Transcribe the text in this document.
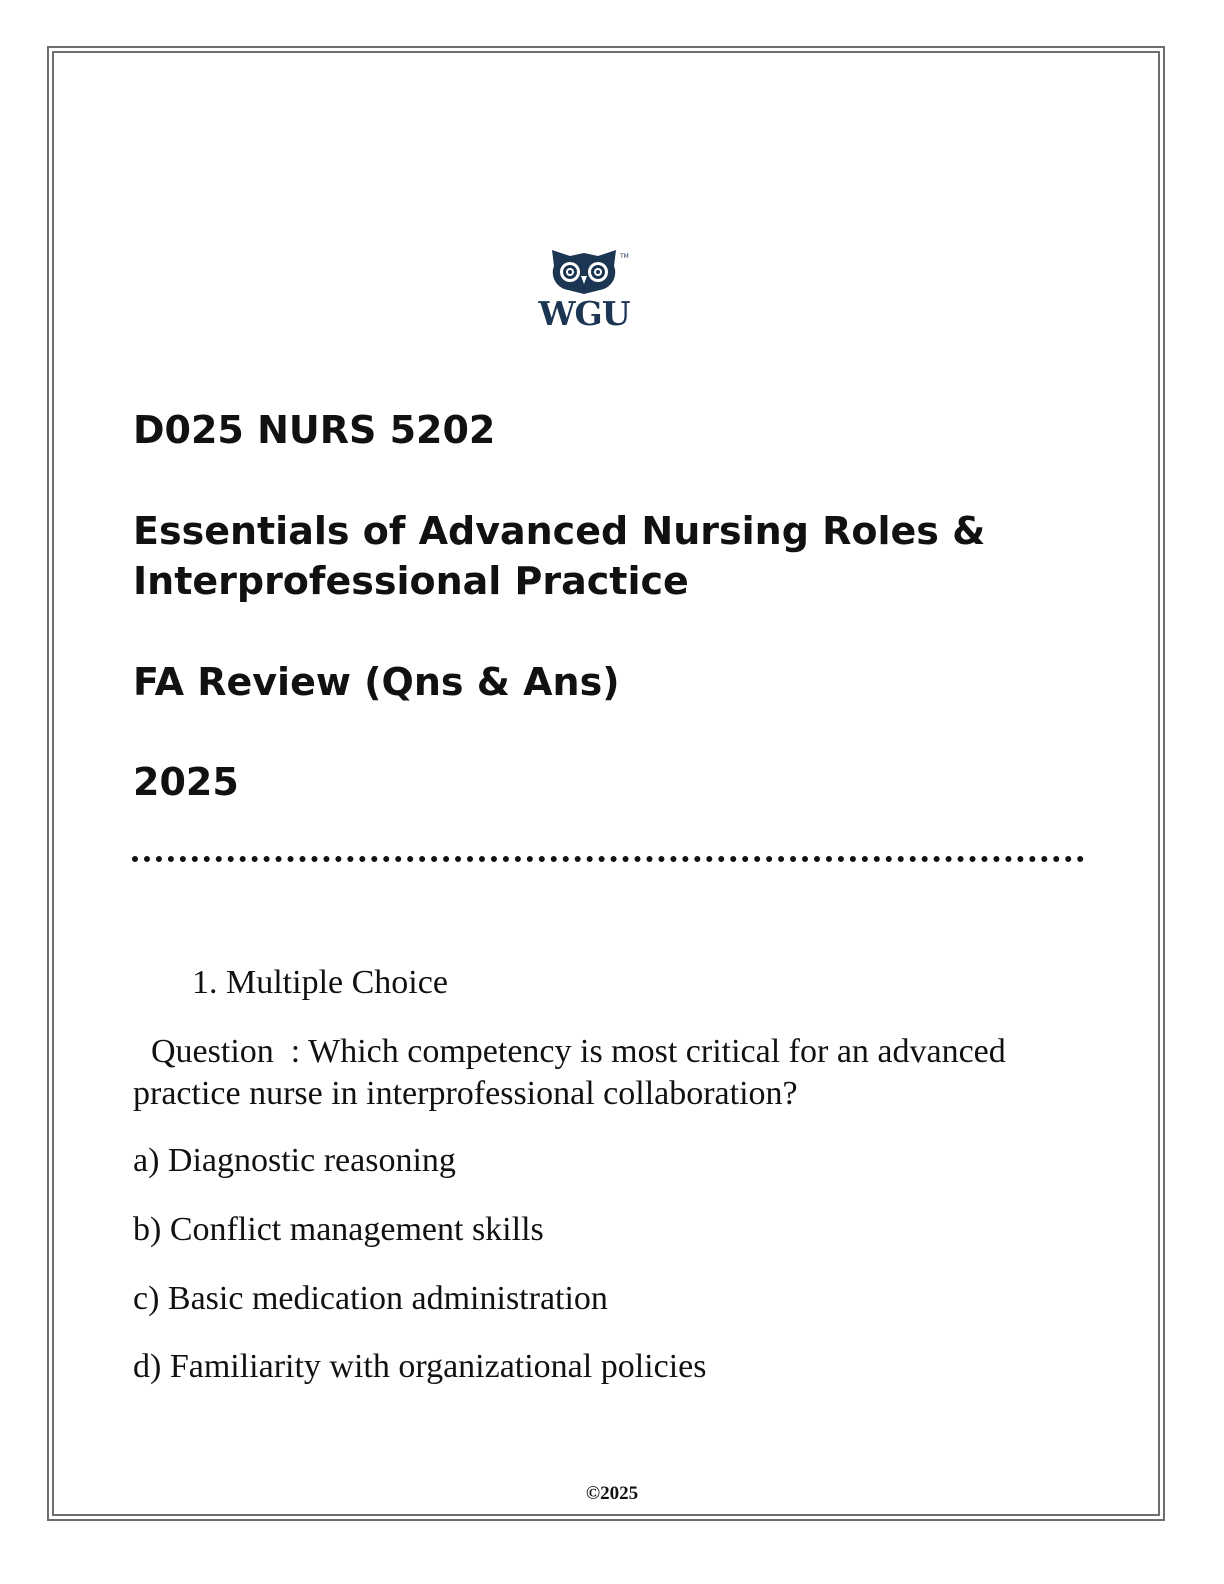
TM
WGU
D025 NURS 5202
Essentials of Advanced Nursing Roles &
Interprofessional Practice
FA Review (Qns & Ans)
2025
1. Multiple Choice
Question : Which competency is most critical for an advanced practice nurse in interprofessional collaboration?
a) Diagnostic reasoning
b) Conflict management skills
c) Basic medication administration
d) Familiarity with organizational policies
©2025
